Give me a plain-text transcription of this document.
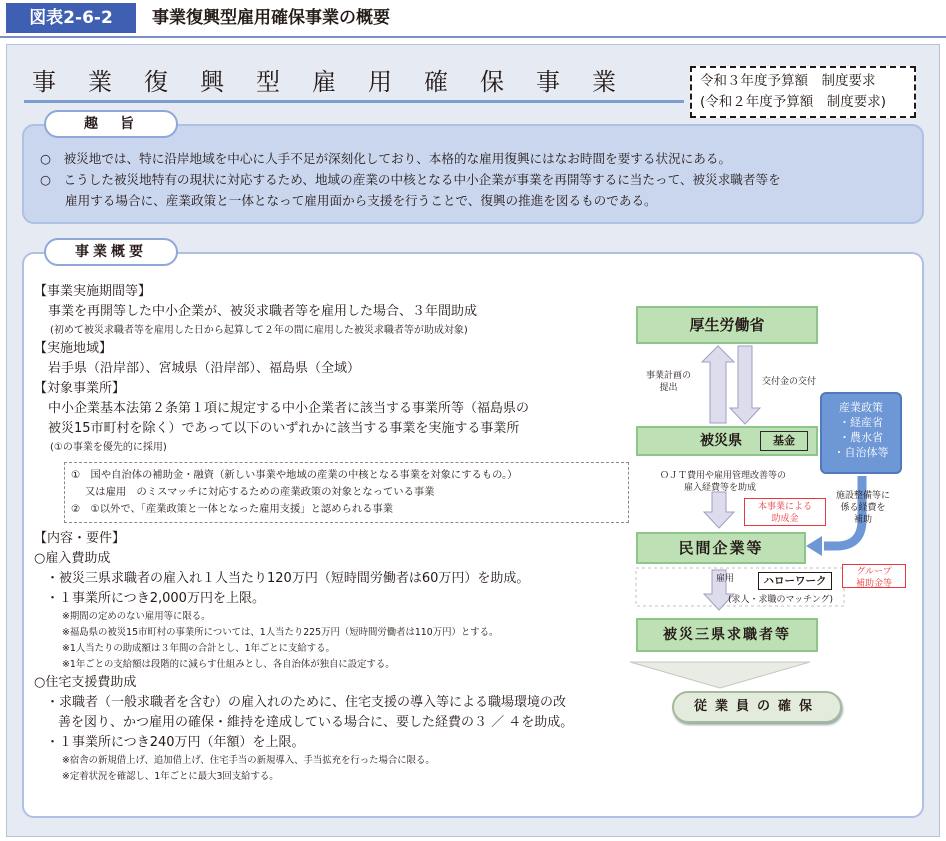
図表2-6-2	事業復興型雇用確保事業の概要
事業復興型雇用確保事業	令和３年度予算額　制度要求
(令和２年度予算額　制度要求)
趣　旨
○　被災地では、特に沿岸地域を中心に人手不足が深刻化しており、本格的な雇用復興にはなお時間を要する状況にある。
○　こうした被災地特有の現状に対応するため、地域の産業の中核となる中小企業が事業を再開等するに当たって、被災求職者等を
雇用する場合に、産業政策と一体となって雇用面から支援を行うことで、復興の推進を図るものである。
事業概要
【事業実施期間等】
事業を再開等した中小企業が、被災求職者等を雇用した場合、３年間助成
(初めて被災求職者等を雇用した日から起算して２年の間に雇用した被災求職者等が助成対象)
【実施地域】
岩手県（沿岸部）、宮城県（沿岸部）、福島県（全域）
【対象事業所】
中小企業基本法第２条第１項に規定する中小企業者に該当する事業所等（福島県の
被災15市町村を除く）であって以下のいずれかに該当する事業を実施する事業所
(①の事業を優先的に採用)
①　国や自治体の補助金・融資（新しい事業や地域の産業の中核となる事業を対象にするもの。）
又は雇用　のミスマッチに対応するための産業政策の対象となっている事業
②　①以外で、「産業政策と一体となった雇用支援」と認められる事業
【内容・要件】
○雇入費助成
・被災三県求職者の雇入れ１人当たり120万円（短時間労働者は60万円）を助成。
・１事業所につき2,000万円を上限。
※期間の定めのない雇用等に限る。
※福島県の被災15市町村の事業所については、1人当たり225万円（短時間労働者は110万円）とする。
※1人当たりの助成額は３年間の合計とし、1年ごとに支給する。
※1年ごとの支給額は段階的に減らす仕組みとし、各自治体が独自に設定する。
○住宅支援費助成
・求職者（一般求職者を含む）の雇入れのために、住宅支援の導入等による職場環境の改
善を図り、かつ雇用の確保・維持を達成している場合に、要した経費の３ ／ ４を助成。
・１事業所につき240万円（年額）を上限。
※宿舎の新規借上げ、追加借上げ、住宅手当の新規導入、手当拡充を行った場合に限る。
※定着状況を確認し、1年ごとに最大3回支給する。
厚生労働省
事業計画の
提出
交付金の交付
被災県	基金
産業政策
・経産省
・農水省
・自治体等
ＯＪＴ費用や雇用管理改善等の
雇入経費等を助成
本事業による
助成金
施設整備等に
係る経費を
補助
民間企業等
グループ
補助金等
雇用	ハローワーク
(求人・求職のマッチング)
被災三県求職者等
従業員の確保
